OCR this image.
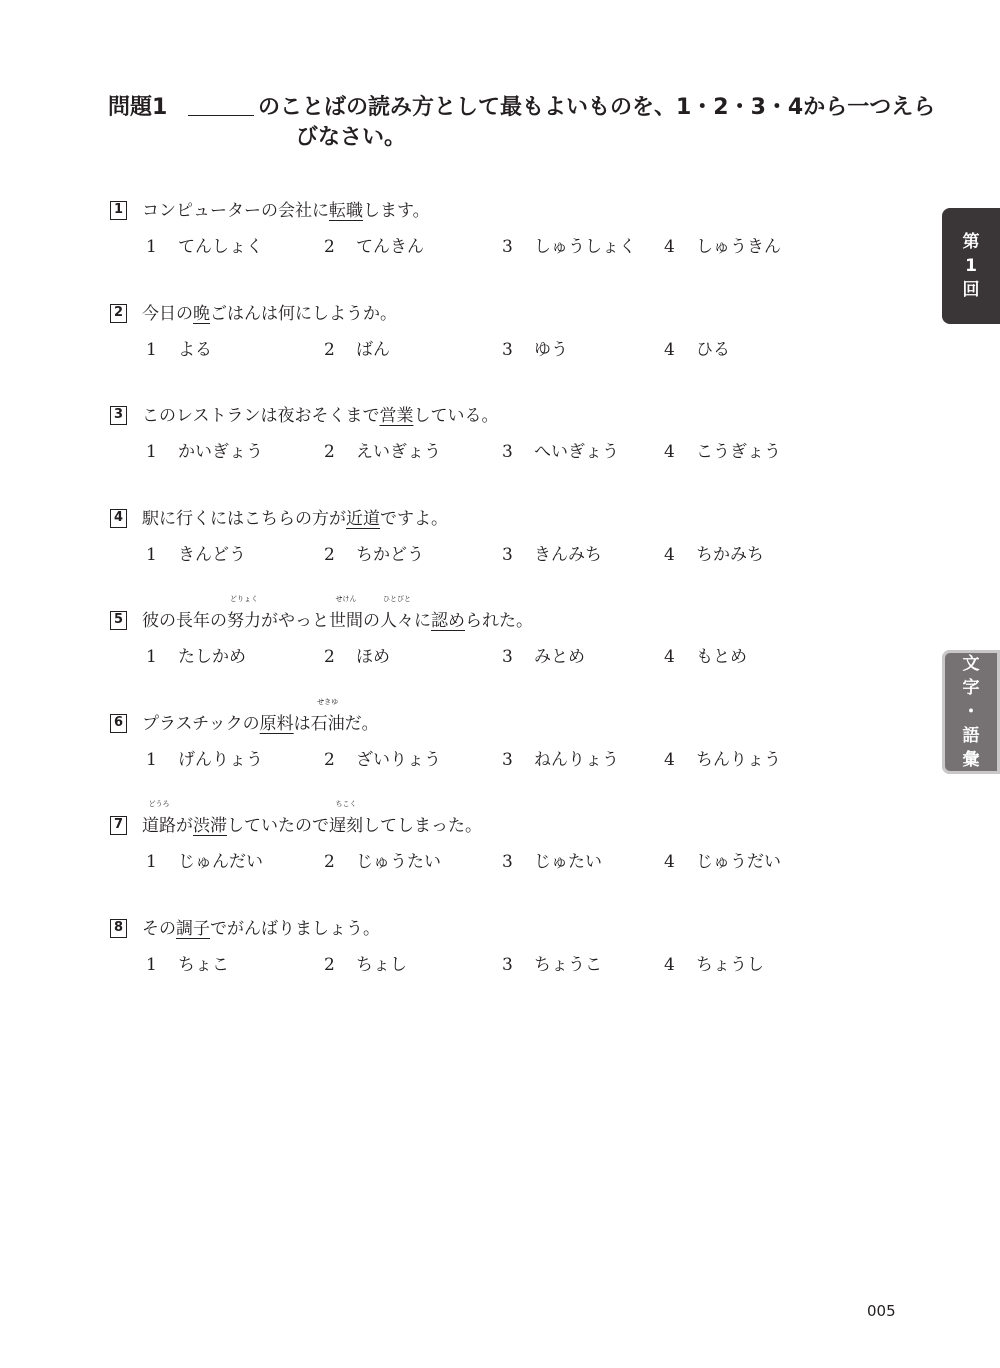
問題1	のことばの読み方として最もよいものを、1・2・3・4から一つえら
びなさい。
1 コンピューターの会社に転職します。
1 てんしょく	2 てんきん	3 しゅうしょく 4 しゅうきん
2 今日の晩ごはんは何にしようか。
1 よる	2 ばん	3 ゆう	4 ひる
3 このレストランは夜おそくまで営業している。
1 かいぎょう	2 えいぎょう	3 へいぎょう	4 こうぎょう
4 駅に行くにはこちらの方が近道ですよ。
1 きんどう	2 ちかどう	3 きんみち	4 ちかみち
5 彼の長年の
どりょく
努力がやっと
せけん
世間の
ひとびと
人々に認められた。
1 たしかめ	2 ほめ	3 みとめ	4 もとめ
6 プラスチックの原料は
せきゆ
石油だ。
1 げんりょう	2 ざいりょう	3 ねんりょう	4 ちんりょう
7
どうろ
道路が渋滞していたので
ちこく
遅刻してしまった。
1 じゅんだい	2 じゅうたい	3 じゅたい	4 じゅうだい
8 その調子でがんばりましょう。
1 ちょこ	2 ちょし	3 ちょうこ	4 ちょうし
第
1
回
文
字
・
語
彙
005
